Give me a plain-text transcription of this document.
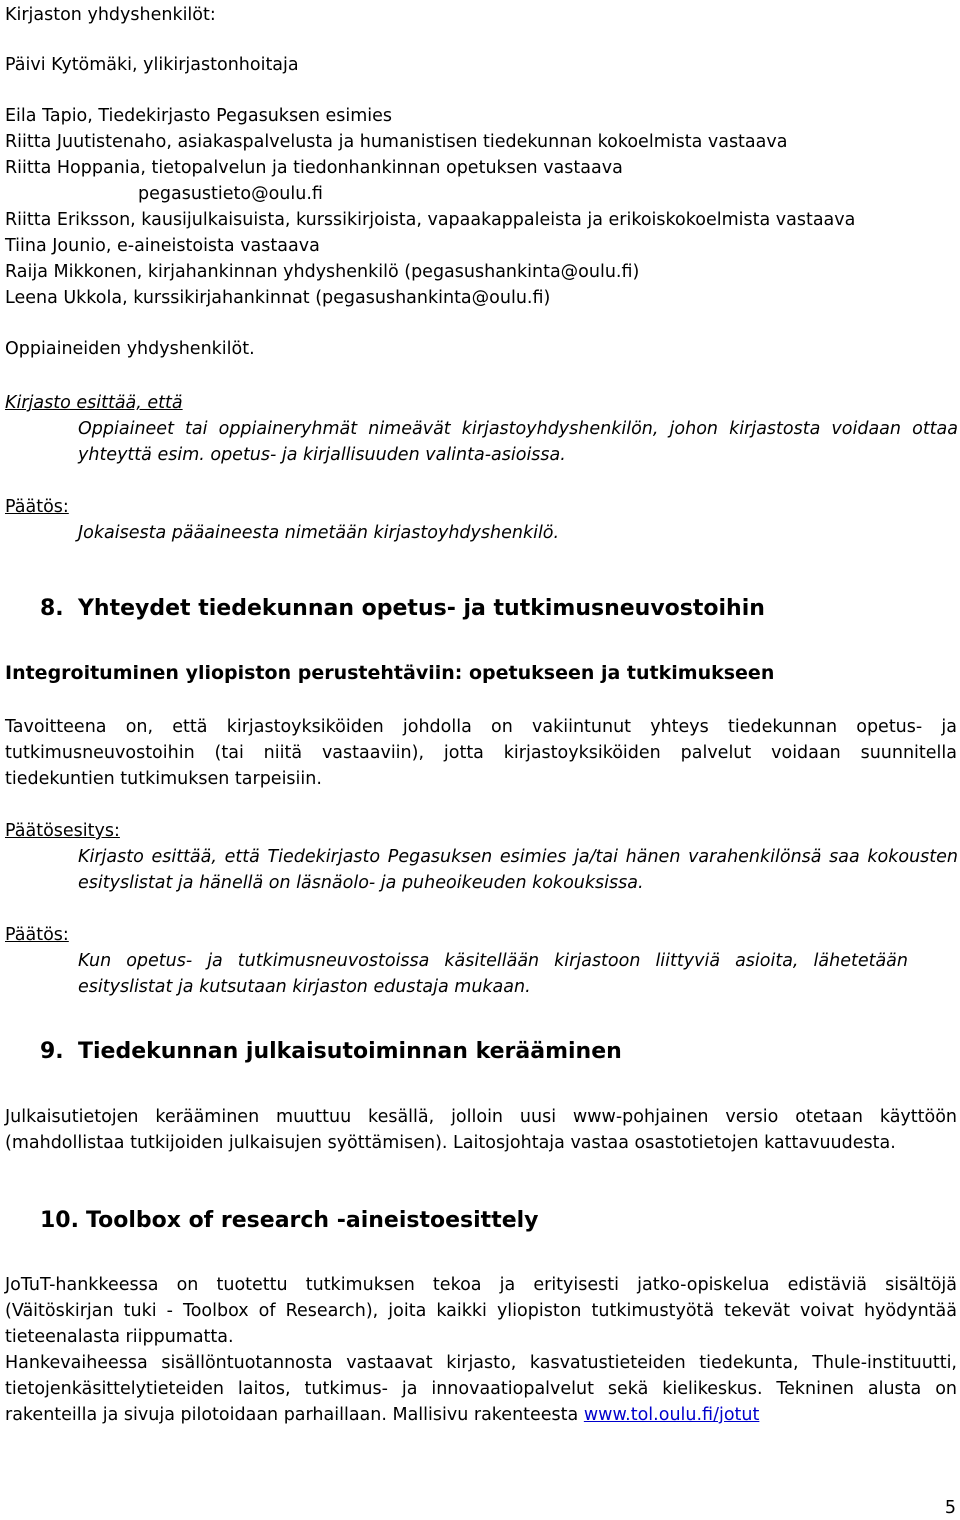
Kirjaston yhdyshenkilöt:
Päivi Kytömäki, ylikirjastonhoitaja
Eila Tapio, Tiedekirjasto Pegasuksen esimies
Riitta Juutistenaho, asiakaspalvelusta ja humanistisen tiedekunnan kokoelmista vastaava
Riitta Hoppania, tietopalvelun ja tiedonhankinnan opetuksen vastaava
pegasustieto@oulu.fi
Riitta Eriksson, kausijulkaisuista, kurssikirjoista, vapaakappaleista ja erikoiskokoelmista vastaava
Tiina Jounio, e-aineistoista vastaava
Raija Mikkonen, kirjahankinnan yhdyshenkilö (pegasushankinta@oulu.fi)
Leena Ukkola, kurssikirjahankinnat (pegasushankinta@oulu.fi)
Oppiaineiden yhdyshenkilöt.
Kirjasto esittää, että
Oppiaineet tai oppiaineryhmät nimeävät kirjastoyhdyshenkilön, johon kirjastosta voidaan ottaa yhteyttä esim. opetus- ja kirjallisuuden valinta-asioissa.
Päätös:
Jokaisesta pääaineesta nimetään kirjastoyhdyshenkilö.
8. Yhteydet tiedekunnan opetus- ja tutkimusneuvostoihin
Integroituminen yliopiston perustehtäviin: opetukseen ja tutkimukseen
Tavoitteena on, että kirjastoyksiköiden johdolla on vakiintunut yhteys tiedekunnan opetus- ja tutkimusneuvostoihin (tai niitä vastaaviin), jotta kirjastoyksiköiden palvelut voidaan suunnitella tiedekuntien tutkimuksen tarpeisiin.
Päätösesitys:
Kirjasto esittää, että Tiedekirjasto Pegasuksen esimies ja/tai hänen varahenkilönsä saa kokousten esityslistat ja hänellä on läsnäolo- ja puheoikeuden kokouksissa.
Päätös:
Kun opetus- ja tutkimusneuvostoissa käsitellään kirjastoon liittyviä asioita, lähetetään esityslistat ja kutsutaan kirjaston edustaja mukaan.
9. Tiedekunnan julkaisutoiminnan kerääminen
Julkaisutietojen kerääminen muuttuu kesällä, jolloin uusi www-pohjainen versio otetaan käyttöön (mahdollistaa tutkijoiden julkaisujen syöttämisen). Laitosjohtaja vastaa osastotietojen kattavuudesta.
10. Toolbox of research -aineistoesittely
JoTuT-hankkeessa on tuotettu tutkimuksen tekoa ja erityisesti jatko-opiskelua edistäviä sisältöjä (Väitöskirjan tuki - Toolbox of Research), joita kaikki yliopiston tutkimustyötä tekevät voivat hyödyntää tieteenalasta riippumatta.
Hankevaiheessa sisällöntuotannosta vastaavat kirjasto, kasvatustieteiden tiedekunta, Thule-instituutti, tietojenkäsittelytieteiden laitos, tutkimus- ja innovaatiopalvelut sekä kielikeskus. Tekninen alusta on rakenteilla ja sivuja pilotoidaan parhaillaan. Mallisivu rakenteesta www.tol.oulu.fi/jotut
5
